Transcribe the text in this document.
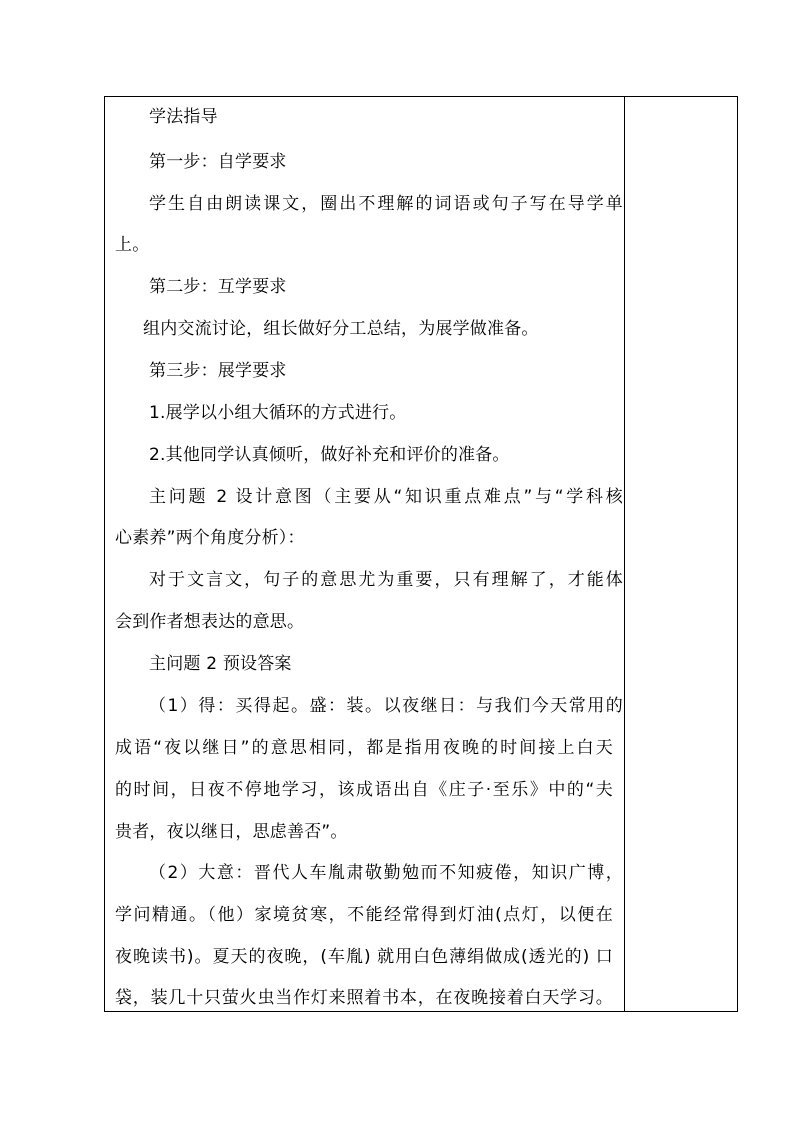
学法指导
第一步：自学要求
学生自由朗读课文，圈出不理解的词语或句子写在导学单
上。
第二步：互学要求
组内交流讨论，组长做好分工总结，为展学做准备。
第三步：展学要求
1.展学以小组大循环的方式进行。
2.其他同学认真倾听，做好补充和评价的准备。
主问题 2 设计意图（主要从“知识重点难点”与“学科核
心素养”两个角度分析）：
对于文言文，句子的意思尤为重要，只有理解了，才能体
会到作者想表达的意思。
主问题 2 预设答案
（1）得：买得起。盛：装。以夜继日：与我们今天常用的
成语“夜以继日”的意思相同，都是指用夜晚的时间接上白天
的时间，日夜不停地学习，该成语出自《庄子·至乐》中的“夫
贵者，夜以继日，思虑善否”。
（2）大意：晋代人车胤肃敬勤勉而不知疲倦，知识广博，
学问精通。（他）家境贫寒，不能经常得到灯油(点灯，以便在
夜晚读书)。夏天的夜晚，(车胤) 就用白色薄绢做成(透光的) 口
袋，装几十只萤火虫当作灯来照着书本，在夜晚接着白天学习。
